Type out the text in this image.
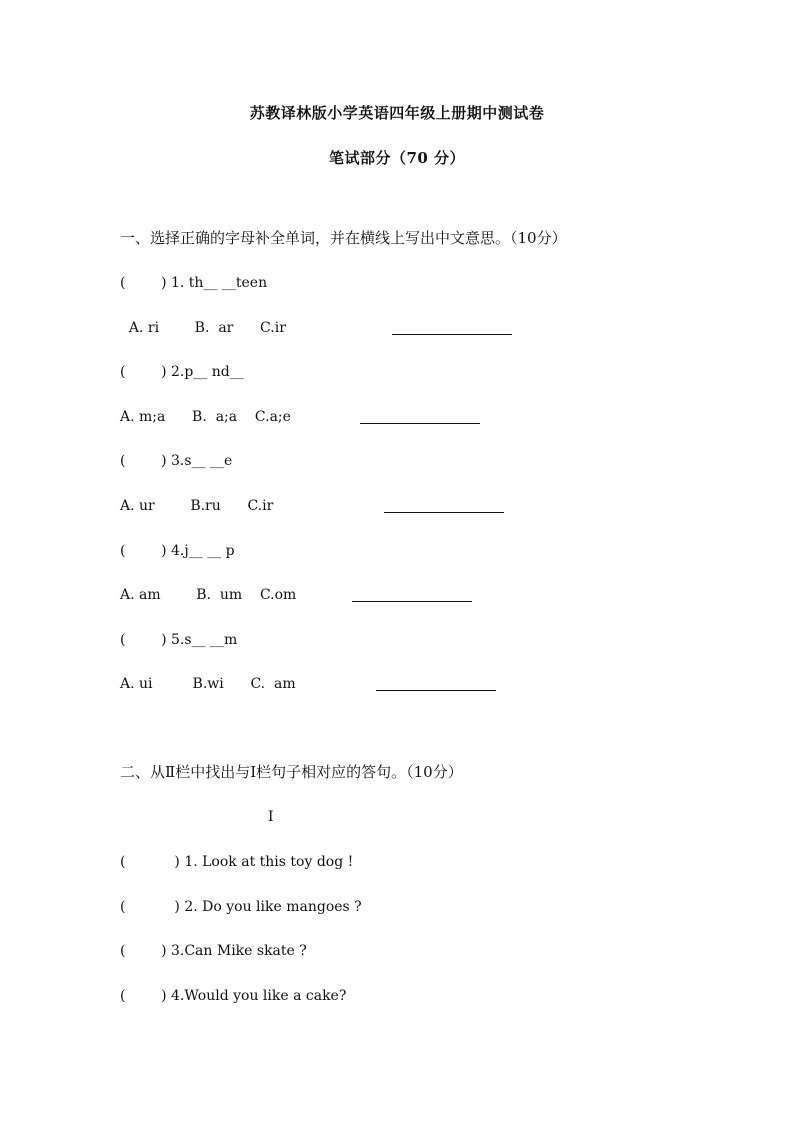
苏教译林版小学英语四年级上册期中测试卷
笔试部分（70 分）
一、选择正确的字母补全单词，并在横线上写出中文意思。（10分）
(        ) 1. th__ __teen
A. ri        B.  ar      C.ir
(        ) 2.p__ nd__
A. m;a      B.  a;a    C.a;e
(        ) 3.s__ __e
A. ur        B.ru      C.ir
(        ) 4.j__ __ p
A. am        B.  um    C.om
(        ) 5.s__ __m
A. ui         B.wi      C.  am
二、从Ⅱ栏中找出与Ⅰ栏句子相对应的答句。（10分）
Ⅰ
(           ) 1. Look at this toy dog !
(           ) 2. Do you like mangoes ?
(        ) 3.Can Mike skate ?
(        ) 4.Would you like a cake?
